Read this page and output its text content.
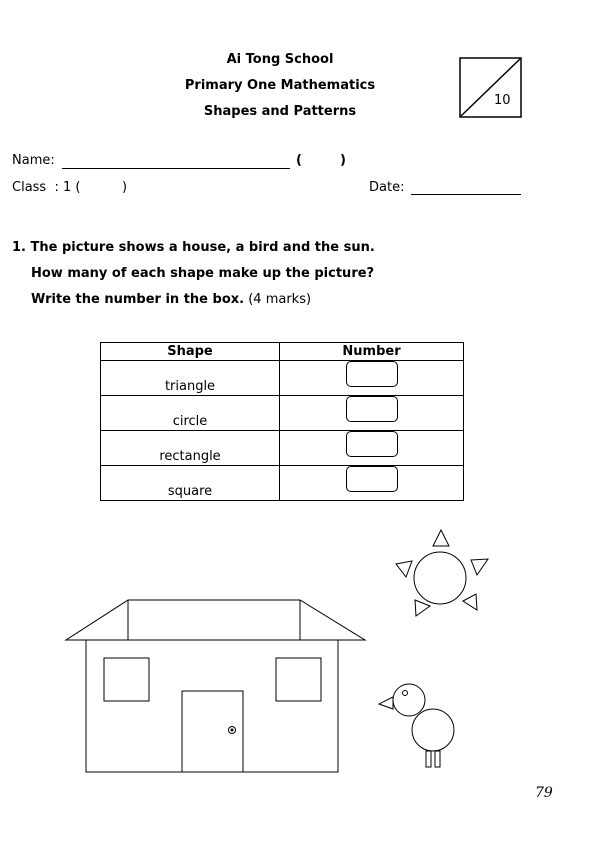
Ai Tong School
Primary One Mathematics
Shapes and Patterns
10
Name:	(	)
Class  : 1 (	)	Date:
1. The picture shows a house, a bird and the sun.
How many of each shape make up the picture?
Write the number in the box. (4 marks)
Shape	Number
triangle	
circle	
rectangle	
square	
79
